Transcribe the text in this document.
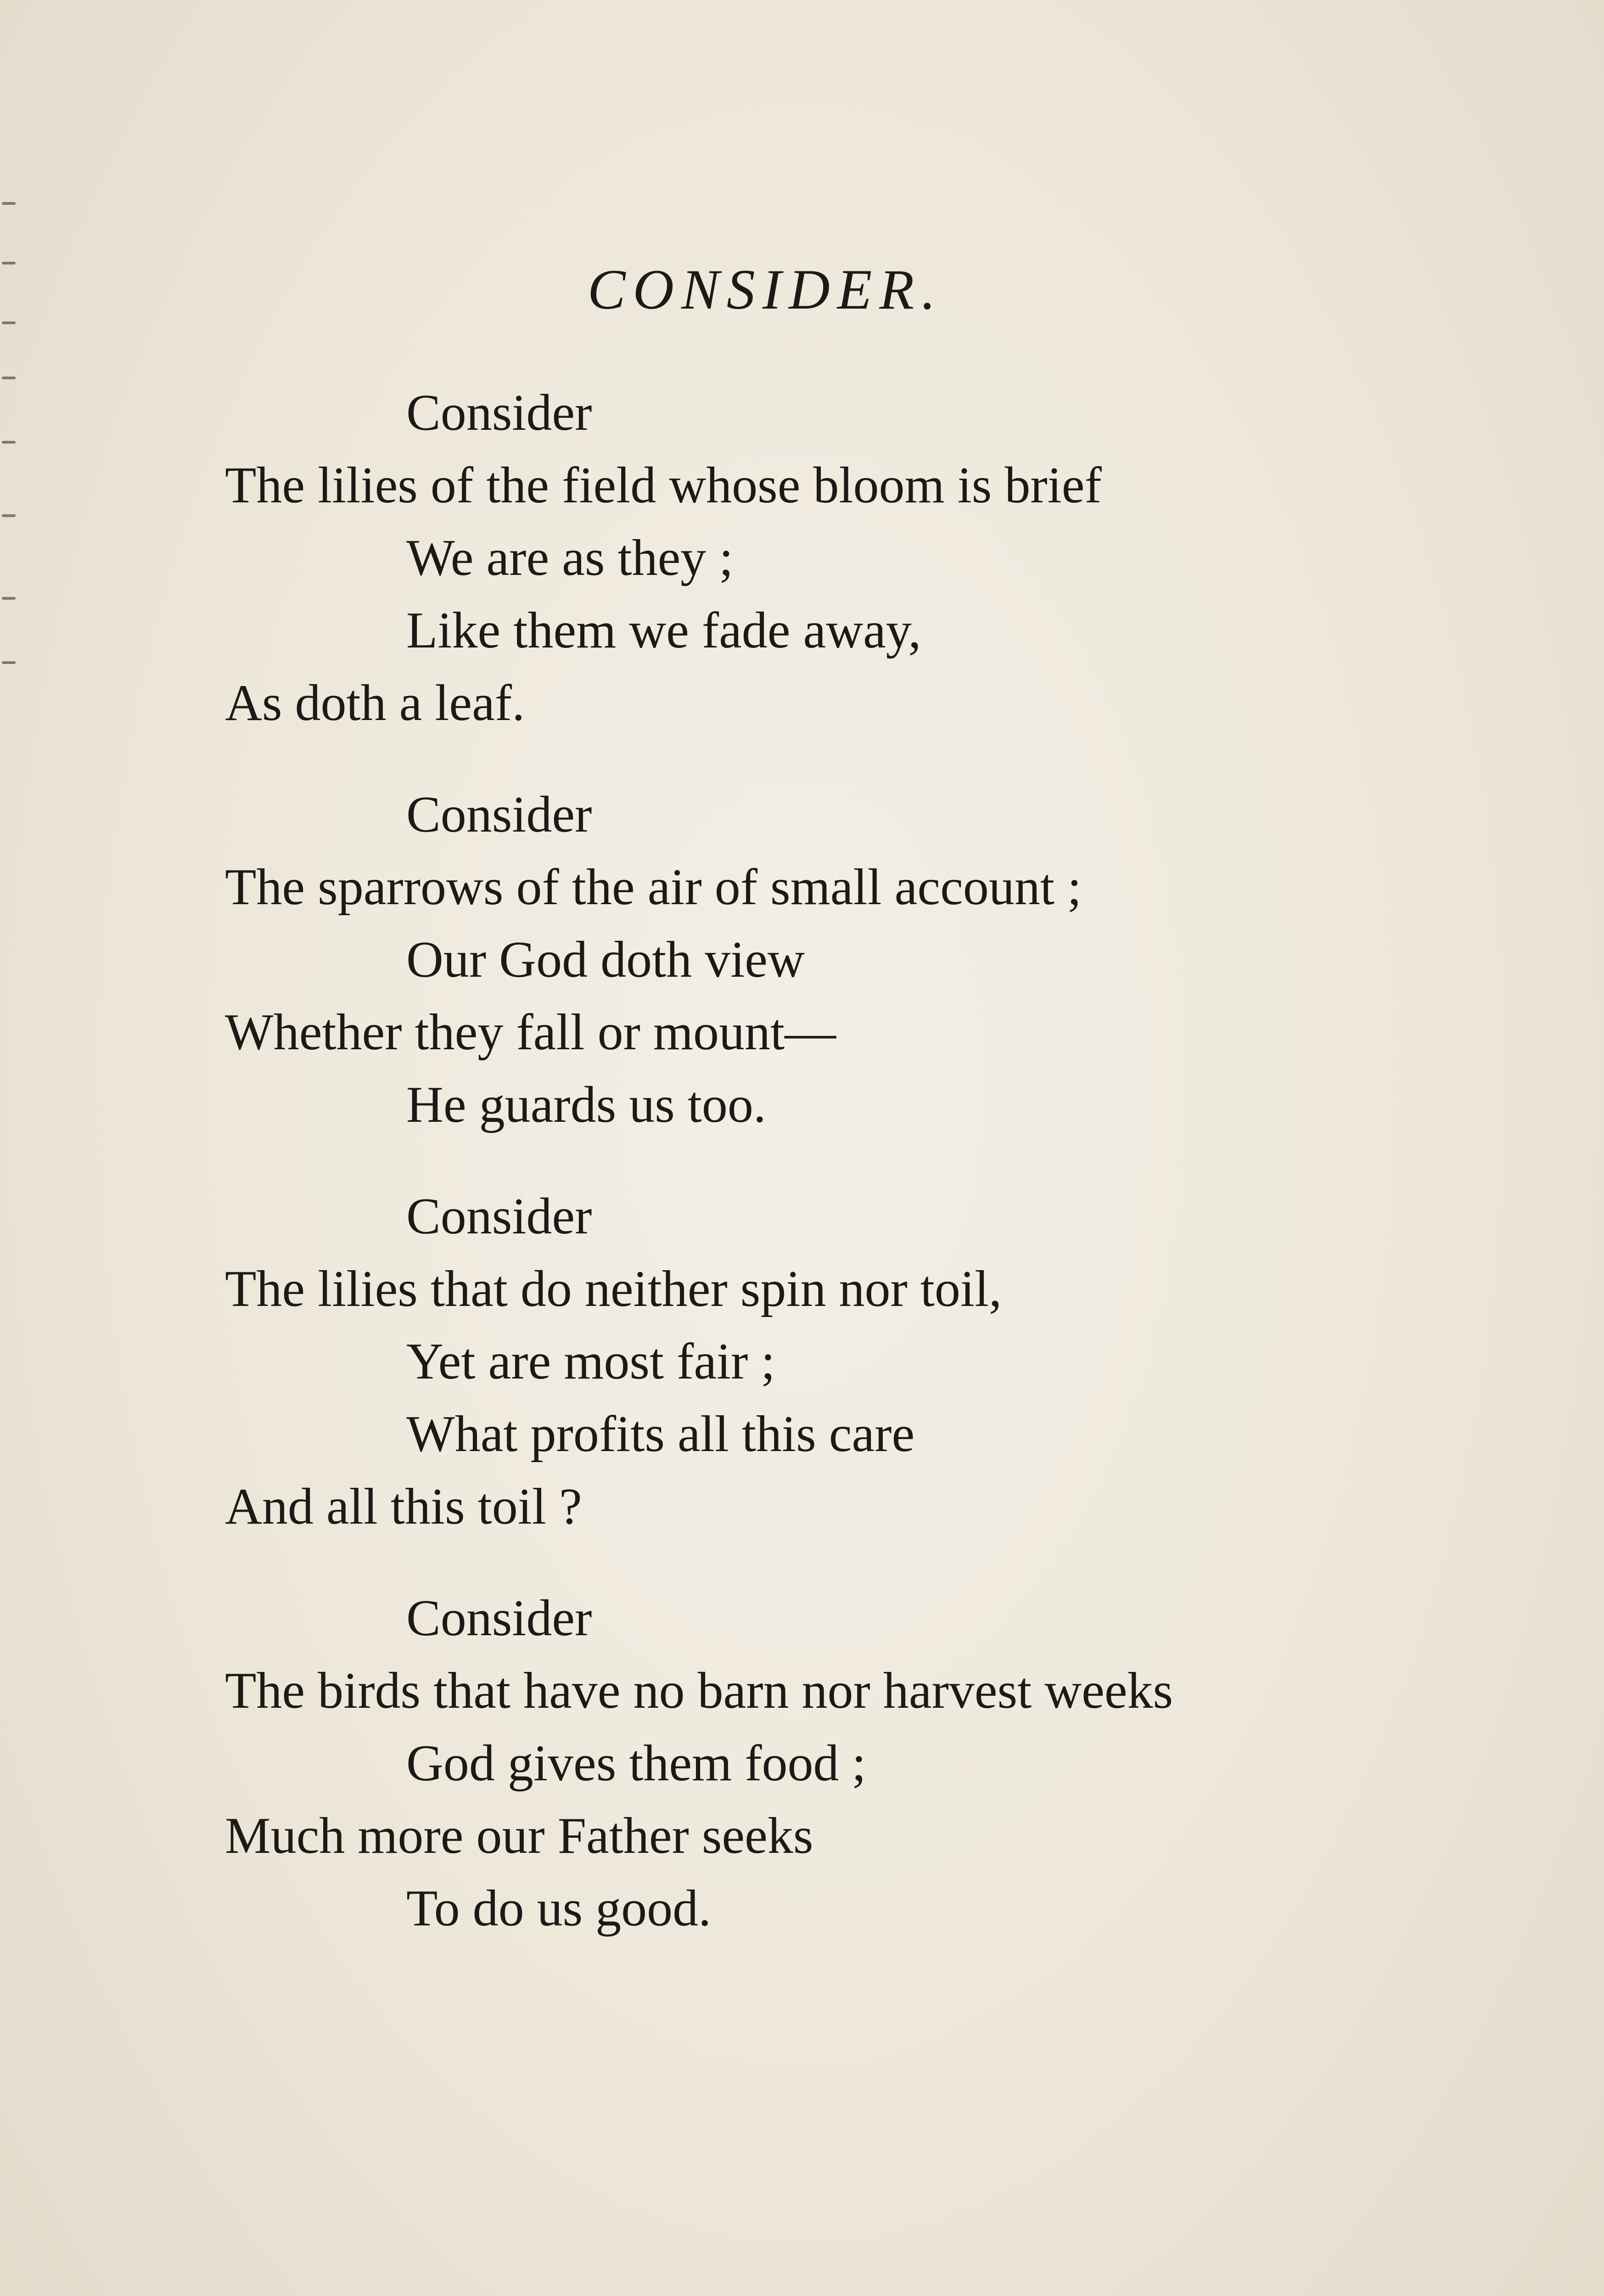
CONSIDER.
Consider
The lilies of the field whose bloom is brief
We are as they ;
Like them we fade away,
As doth a leaf.
Consider
The sparrows of the air of small account ;
Our God doth view
Whether they fall or mount—
He guards us too.
Consider
The lilies that do neither spin nor toil,
Yet are most fair ;
What profits all this care
And all this toil ?
Consider
The birds that have no barn nor harvest weeks
God gives them food ;
Much more our Father seeks
To do us good.
